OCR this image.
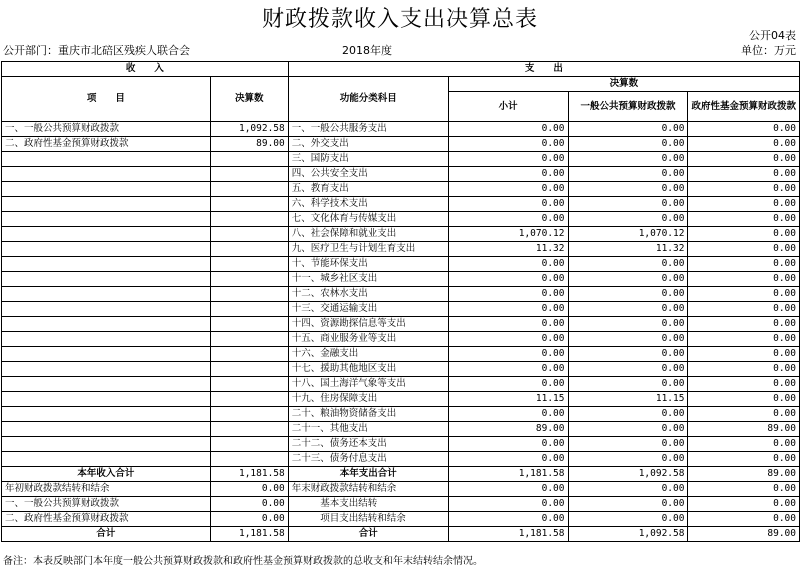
财政拨款收入支出决算总表
公开04表
公开部门：重庆市北碚区残疾人联合会	2018年度	单位：万元
收　　入		支　　出			
项　　目	决算数	功能分类科目	决算数		
			小计	一般公共预算财政拨款	政府性基金预算财政拨款
一、一般公共预算财政拨款	1,092.58	一、一般公共服务支出	0.00	0.00	0.00
二、政府性基金预算财政拨款	89.00	二、外交支出	0.00	0.00	0.00
		三、国防支出	0.00	0.00	0.00
		四、公共安全支出	0.00	0.00	0.00
		五、教育支出	0.00	0.00	0.00
		六、科学技术支出	0.00	0.00	0.00
		七、文化体育与传媒支出	0.00	0.00	0.00
		八、社会保障和就业支出	1,070.12	1,070.12	0.00
		九、医疗卫生与计划生育支出	11.32	11.32	0.00
		十、节能环保支出	0.00	0.00	0.00
		十一、城乡社区支出	0.00	0.00	0.00
		十二、农林水支出	0.00	0.00	0.00
		十三、交通运输支出	0.00	0.00	0.00
		十四、资源勘探信息等支出	0.00	0.00	0.00
		十五、商业服务业等支出	0.00	0.00	0.00
		十六、金融支出	0.00	0.00	0.00
		十七、援助其他地区支出	0.00	0.00	0.00
		十八、国土海洋气象等支出	0.00	0.00	0.00
		十九、住房保障支出	11.15	11.15	0.00
		二十、粮油物资储备支出	0.00	0.00	0.00
		二十一、其他支出	89.00	0.00	89.00
		二十二、债务还本支出	0.00	0.00	0.00
		二十三、债务付息支出	0.00	0.00	0.00
本年收入合计	1,181.58	本年支出合计	1,181.58	1,092.58	89.00
年初财政拨款结转和结余	0.00	年末财政拨款结转和结余	0.00	0.00	0.00
一、一般公共预算财政拨款	0.00	　　　基本支出结转	0.00	0.00	0.00
二、政府性基金预算财政拨款	0.00	　　　项目支出结转和结余	0.00	0.00	0.00
合计	1,181.58	合计	1,181.58	1,092.58	89.00
备注：本表反映部门本年度一般公共预算财政拨款和政府性基金预算财政拨款的总收支和年末结转结余情况。
